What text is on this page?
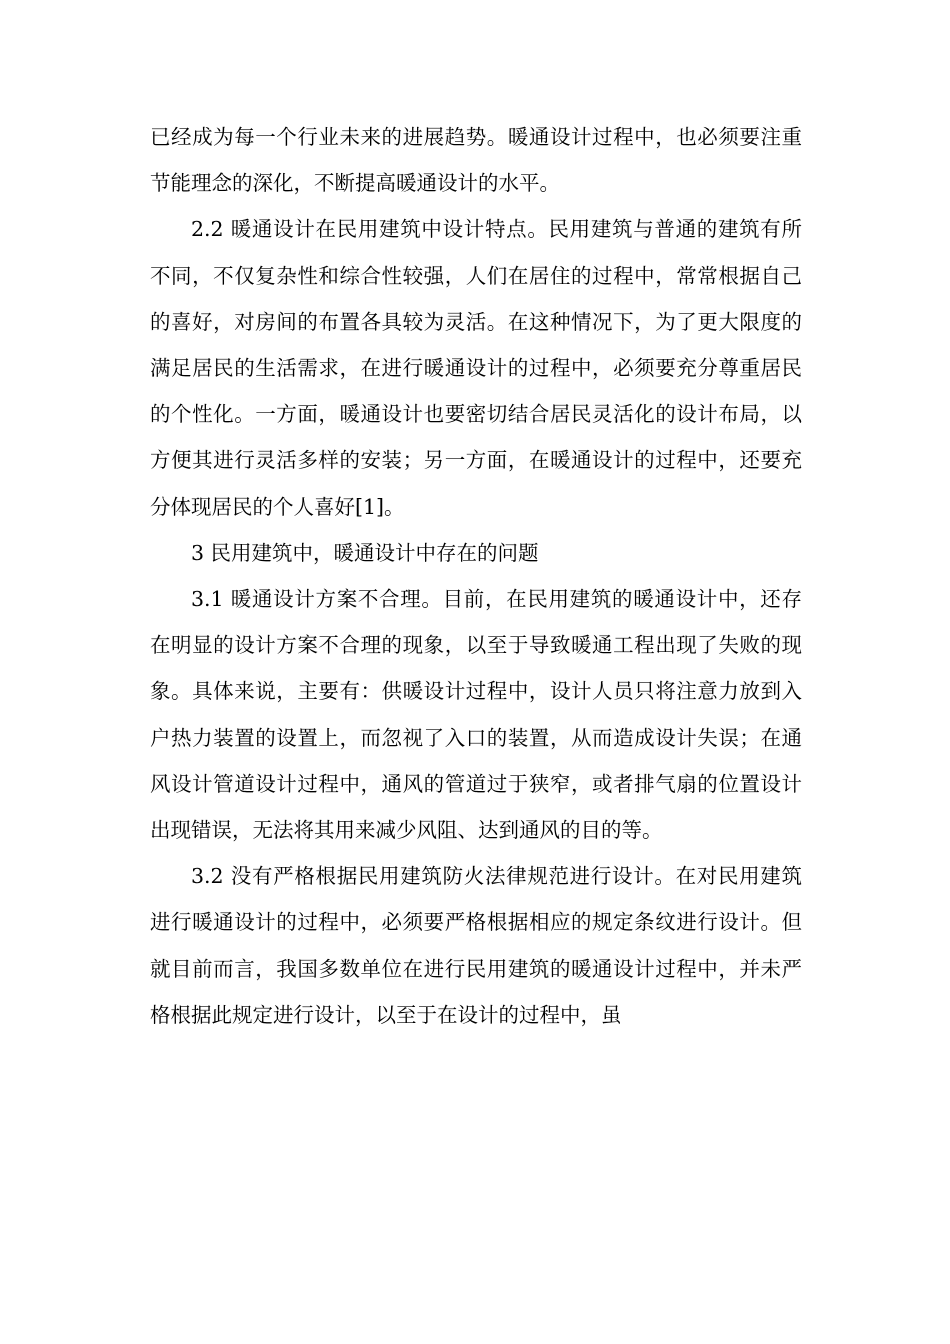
已经成为每一个行业未来的进展趋势。暖通设计过程中，也必须要注重节能理念的深化，不断提高暖通设计的水平。

2.2 暖通设计在民用建筑中设计特点。民用建筑与普通的建筑有所不同，不仅复杂性和综合性较强，人们在居住的过程中，常常根据自己的喜好，对房间的布置各具较为灵活。在这种情况下，为了更大限度的满足居民的生活需求，在进行暖通设计的过程中，必须要充分尊重居民的个性化。一方面，暖通设计也要密切结合居民灵活化的设计布局，以方便其进行灵活多样的安装；另一方面，在暖通设计的过程中，还要充分体现居民的个人喜好[1]。

3 民用建筑中，暖通设计中存在的问题

3.1 暖通设计方案不合理。目前，在民用建筑的暖通设计中，还存在明显的设计方案不合理的现象，以至于导致暖通工程出现了失败的现象。具体来说，主要有：供暖设计过程中，设计人员只将注意力放到入户热力装置的设置上，而忽视了入口的装置，从而造成设计失误；在通风设计管道设计过程中，通风的管道过于狭窄，或者排气扇的位置设计出现错误，无法将其用来减少风阻、达到通风的目的等。

3.2 没有严格根据民用建筑防火法律规范进行设计。在对民用建筑进行暖通设计的过程中，必须要严格根据相应的规定条纹进行设计。但就目前而言，我国多数单位在进行民用建筑的暖通设计过程中，并未严格根据此规定进行设计，以至于在设计的过程中，虽
